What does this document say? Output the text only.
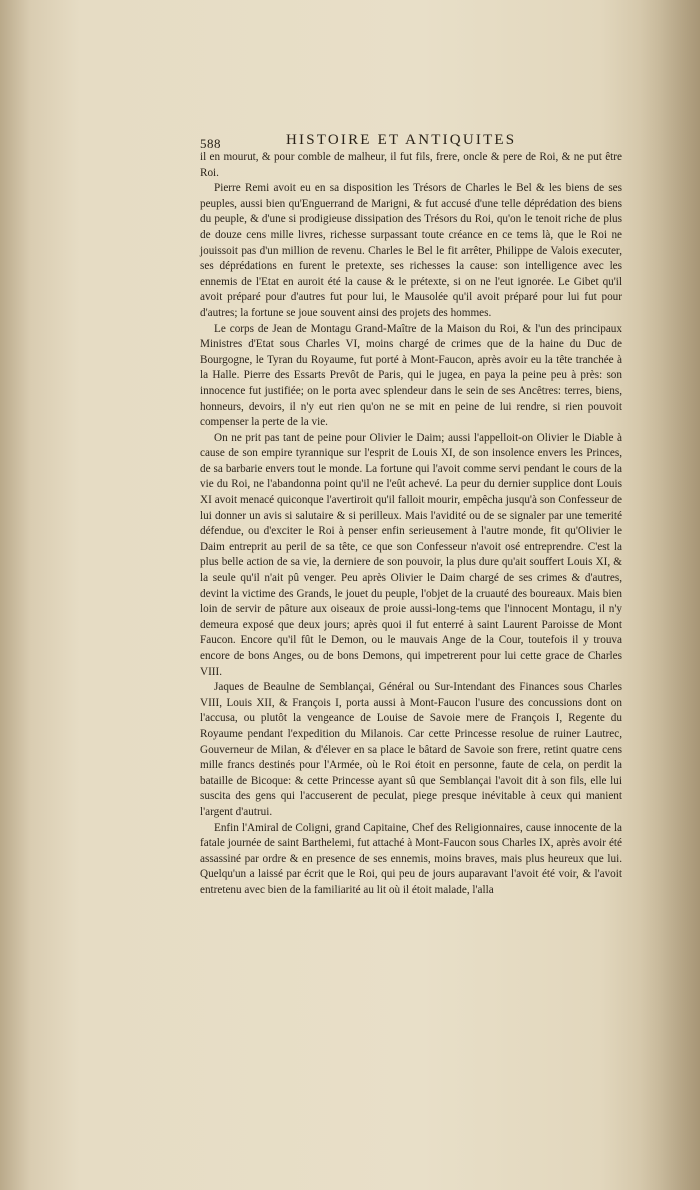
588	HISTOIRE ET ANTIQUITES

il en mourut, & pour comble de malheur, il fut fils, frere, oncle & pere de Roi, & ne put être Roi.

Pierre Remi avoit eu en sa disposition les Trésors de Charles le Bel & les biens de ses peuples, aussi bien qu'Enguerrand de Marigni, & fut accusé d'une telle déprédation des biens du peuple, & d'une si prodigieuse dissipation des Trésors du Roi, qu'on le tenoit riche de plus de douze cens mille livres, richesse surpassant toute créance en ce tems là, que le Roi ne jouissoit pas d'un million de revenu. Charles le Bel le fit arrêter, Philippe de Valois executer, ses déprédations en furent le pretexte, ses richesses la cause: son intelligence avec les ennemis de l'Etat en auroit été la cause & le prétexte, si on ne l'eut ignorée. Le Gibet qu'il avoit préparé pour d'autres fut pour lui, le Mausolée qu'il avoit préparé pour lui fut pour d'autres; la fortune se joue souvent ainsi des projets des hommes.

Le corps de Jean de Montagu Grand-Maître de la Maison du Roi, & l'un des principaux Ministres d'Etat sous Charles VI, moins chargé de crimes que de la haine du Duc de Bourgogne, le Tyran du Royaume, fut porté à Mont-Faucon, après avoir eu la tête tranchée à la Halle. Pierre des Essarts Prevôt de Paris, qui le jugea, en paya la peine peu à près: son innocence fut justifiée; on le porta avec splendeur dans le sein de ses Ancêtres: terres, biens, honneurs, devoirs, il n'y eut rien qu'on ne se mit en peine de lui rendre, si rien pouvoit compenser la perte de la vie.

On ne prit pas tant de peine pour Olivier le Daim; aussi l'appelloit-on Olivier le Diable à cause de son empire tyrannique sur l'esprit de Louis XI, de son insolence envers les Princes, de sa barbarie envers tout le monde. La fortune qui l'avoit comme servi pendant le cours de la vie du Roi, ne l'abandonna point qu'il ne l'eût achevé. La peur du dernier supplice dont Louis XI avoit menacé quiconque l'avertiroit qu'il falloit mourir, empêcha jusqu'à son Confesseur de lui donner un avis si salutaire & si perilleux. Mais l'avidité ou de se signaler par une temerité défendue, ou d'exciter le Roi à penser enfin serieusement à l'autre monde, fit qu'Olivier le Daim entreprit au peril de sa tête, ce que son Confesseur n'avoit osé entreprendre. C'est la plus belle action de sa vie, la derniere de son pouvoir, la plus dure qu'ait souffert Louis XI, & la seule qu'il n'ait pû venger. Peu après Olivier le Daim chargé de ses crimes & d'autres, devint la victime des Grands, le jouet du peuple, l'objet de la cruauté des boureaux. Mais bien loin de servir de pâture aux oiseaux de proie aussi-long-tems que l'innocent Montagu, il n'y demeura exposé que deux jours; après quoi il fut enterré à saint Laurent Paroisse de Mont Faucon. Encore qu'il fût le Demon, ou le mauvais Ange de la Cour, toutefois il y trouva encore de bons Anges, ou de bons Demons, qui impetrerent pour lui cette grace de Charles VIII.

Jaques de Beaulne de Semblançai, Général ou Sur-Intendant des Finances sous Charles VIII, Louis XII, & François I, porta aussi à Mont-Faucon l'usure des concussions dont on l'accusa, ou plutôt la vengeance de Louise de Savoie mere de François I, Regente du Royaume pendant l'expedition du Milanois. Car cette Princesse resolue de ruiner Lautrec, Gouverneur de Milan, & d'élever en sa place le bâtard de Savoie son frere, retint quatre cens mille francs destinés pour l'Armée, où le Roi étoit en personne, faute de cela, on perdit la bataille de Bicoque: & cette Princesse ayant sû que Semblançai l'avoit dit à son fils, elle lui suscita des gens qui l'accuserent de peculat, piege presque inévitable à ceux qui manient l'argent d'autrui.

Enfin l'Amiral de Coligni, grand Capitaine, Chef des Religionnaires, cause innocente de la fatale journée de saint Barthelemi, fut attaché à Mont-Faucon sous Charles IX, après avoir été assassiné par ordre & en presence de ses ennemis, moins braves, mais plus heureux que lui. Quelqu'un a laissé par écrit que le Roi, qui peu de jours auparavant l'avoit été voir, & l'avoit entretenu avec bien de la familiarité au lit où il étoit malade, l'alla
